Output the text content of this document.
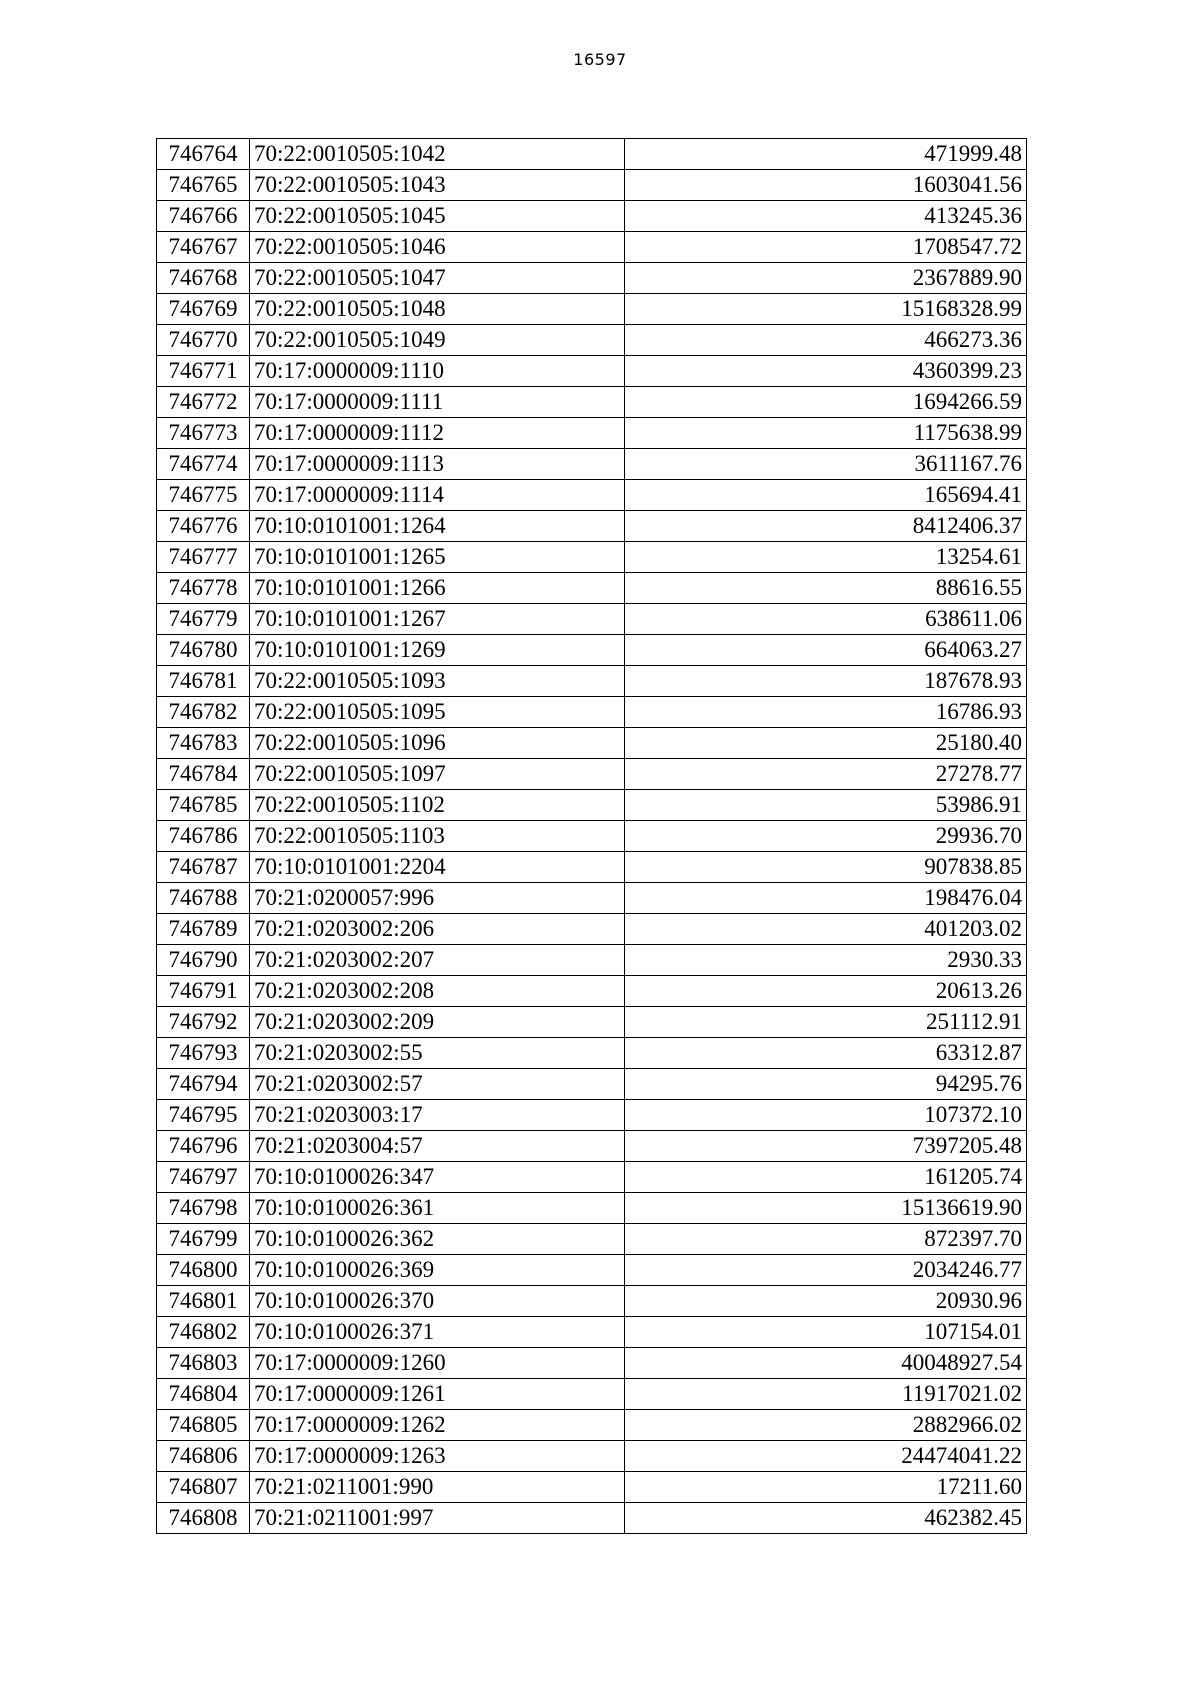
16597
746764	70:22:0010505:1042	471999.48
746765	70:22:0010505:1043	1603041.56
746766	70:22:0010505:1045	413245.36
746767	70:22:0010505:1046	1708547.72
746768	70:22:0010505:1047	2367889.90
746769	70:22:0010505:1048	15168328.99
746770	70:22:0010505:1049	466273.36
746771	70:17:0000009:1110	4360399.23
746772	70:17:0000009:1111	1694266.59
746773	70:17:0000009:1112	1175638.99
746774	70:17:0000009:1113	3611167.76
746775	70:17:0000009:1114	165694.41
746776	70:10:0101001:1264	8412406.37
746777	70:10:0101001:1265	13254.61
746778	70:10:0101001:1266	88616.55
746779	70:10:0101001:1267	638611.06
746780	70:10:0101001:1269	664063.27
746781	70:22:0010505:1093	187678.93
746782	70:22:0010505:1095	16786.93
746783	70:22:0010505:1096	25180.40
746784	70:22:0010505:1097	27278.77
746785	70:22:0010505:1102	53986.91
746786	70:22:0010505:1103	29936.70
746787	70:10:0101001:2204	907838.85
746788	70:21:0200057:996	198476.04
746789	70:21:0203002:206	401203.02
746790	70:21:0203002:207	2930.33
746791	70:21:0203002:208	20613.26
746792	70:21:0203002:209	251112.91
746793	70:21:0203002:55	63312.87
746794	70:21:0203002:57	94295.76
746795	70:21:0203003:17	107372.10
746796	70:21:0203004:57	7397205.48
746797	70:10:0100026:347	161205.74
746798	70:10:0100026:361	15136619.90
746799	70:10:0100026:362	872397.70
746800	70:10:0100026:369	2034246.77
746801	70:10:0100026:370	20930.96
746802	70:10:0100026:371	107154.01
746803	70:17:0000009:1260	40048927.54
746804	70:17:0000009:1261	11917021.02
746805	70:17:0000009:1262	2882966.02
746806	70:17:0000009:1263	24474041.22
746807	70:21:0211001:990	17211.60
746808	70:21:0211001:997	462382.45
